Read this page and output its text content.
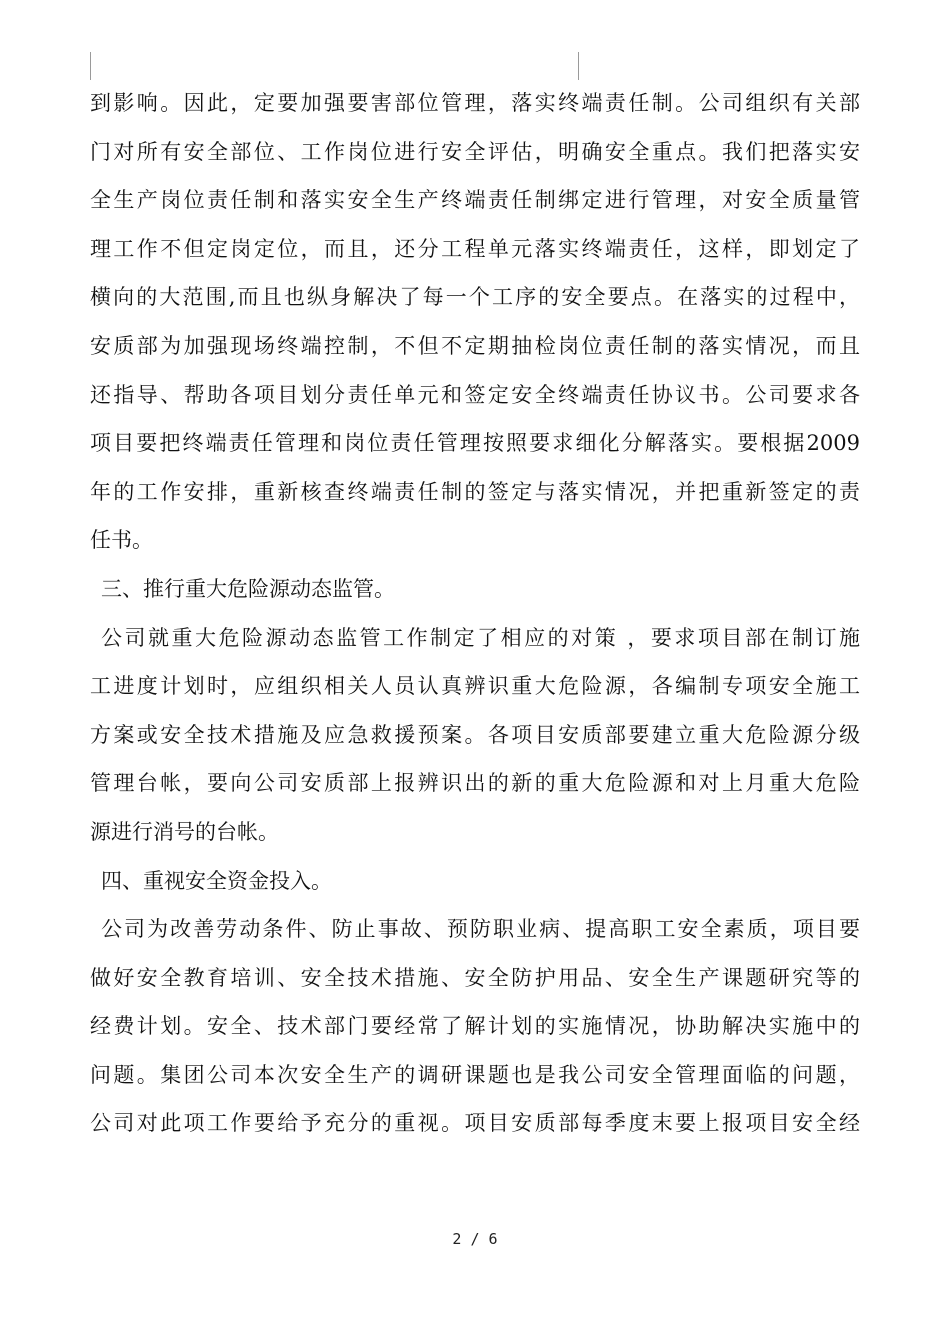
到影响。因此，定要加强要害部位管理，落实终端责任制。公司组织有关部
门对所有安全部位、工作岗位进行安全评估，明确安全重点。我们把落实安
全生产岗位责任制和落实安全生产终端责任制绑定进行管理，对安全质量管
理工作不但定岗定位，而且，还分工程单元落实终端责任，这样，即划定了
横向的大范围,而且也纵身解决了每一个工序的安全要点。在落实的过程中，
安质部为加强现场终端控制，不但不定期抽检岗位责任制的落实情况，而且
还指导、帮助各项目划分责任单元和签定安全终端责任协议书。公司要求各
项目要把终端责任管理和岗位责任管理按照要求细化分解落实。要根据2009
年的工作安排，重新核查终端责任制的签定与落实情况，并把重新签定的责
任书。
三、推行重大危险源动态监管。
公司就重大危险源动态监管工作制定了相应的对策 ，要求项目部在制订施
工进度计划时，应组织相关人员认真辨识重大危险源，各编制专项安全施工
方案或安全技术措施及应急救援预案。各项目安质部要建立重大危险源分级
管理台帐，要向公司安质部上报辨识出的新的重大危险源和对上月重大危险
源进行消号的台帐。
四、重视安全资金投入。
公司为改善劳动条件、防止事故、预防职业病、提高职工安全素质，项目要
做好安全教育培训、安全技术措施、安全防护用品、安全生产课题研究等的
经费计划。安全、技术部门要经常了解计划的实施情况，协助解决实施中的
问题。集团公司本次安全生产的调研课题也是我公司安全管理面临的问题，
公司对此项工作要给予充分的重视。项目安质部每季度末要上报项目安全经
2 / 6
